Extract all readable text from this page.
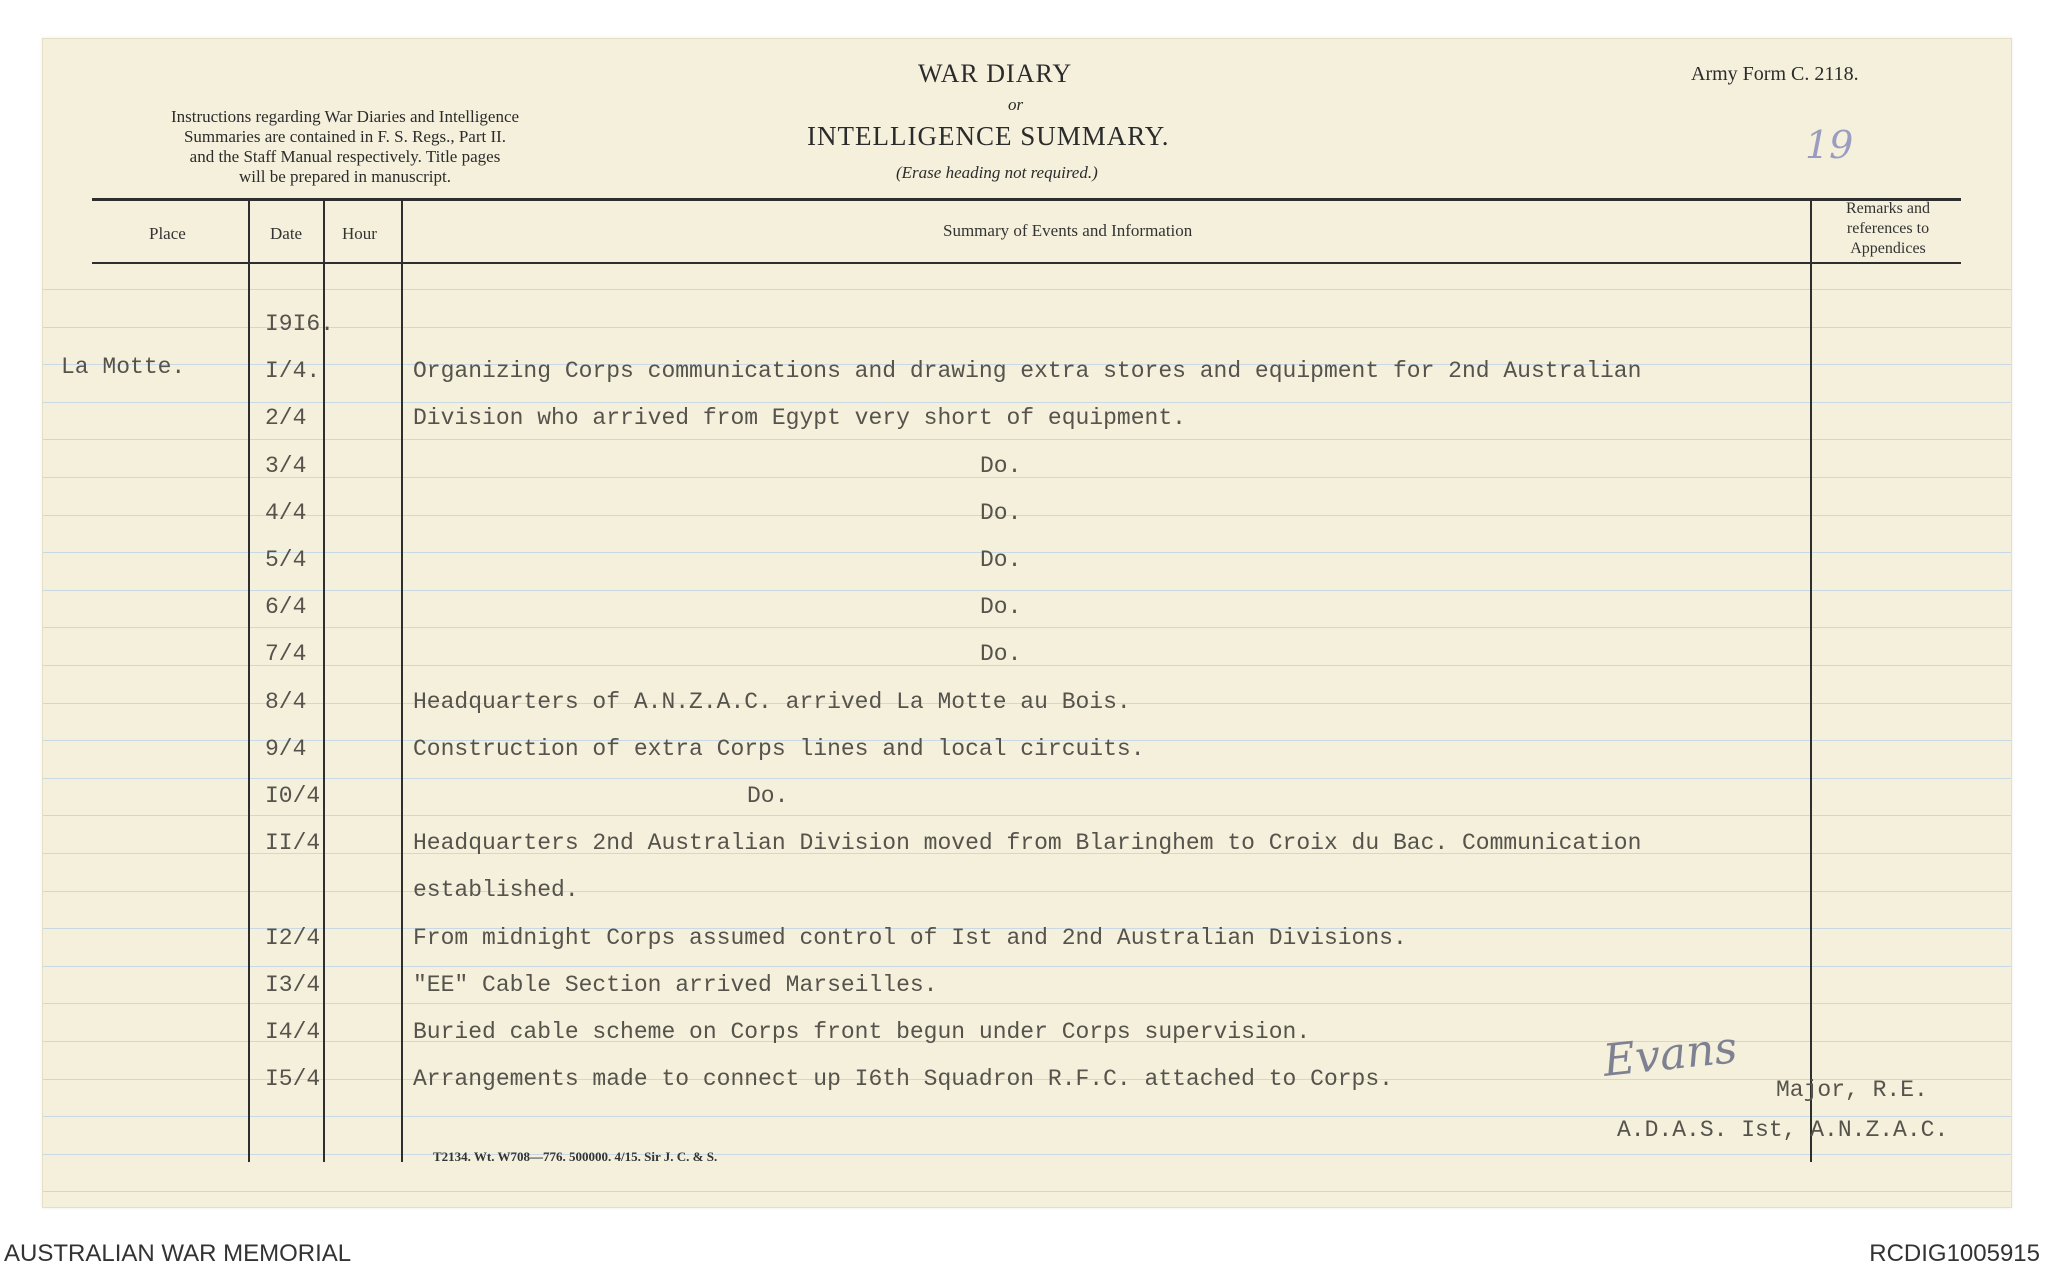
Instructions regarding War Diaries and Intelligence
Summaries are contained in F. S. Regs., Part II.
and the Staff Manual respectively. Title pages
will be prepared in manuscript.
WAR DIARY
or
INTELLIGENCE SUMMARY.
(Erase heading not required.)
Army Form C. 2118.
19
Place	Date Hour	Summary of Events and Information
Remarks and
references to
Appendices
I9I6.
La Motte.	I/4.	Organizing Corps communications and drawing extra stores and equipment for 2nd Australian
2/4	Division who arrived from Egypt very short of equipment.
3/4	Do.
4/4	Do.
5/4	Do.
6/4	Do.
7/4	Do.
8/4	Headquarters of A.N.Z.A.C. arrived La Motte au Bois.
9/4	Construction of extra Corps lines and local circuits.
I0/4	Do.
II/4	Headquarters 2nd Australian Division moved from Blaringhem to Croix du Bac. Communication
established.
I2/4	From midnight Corps assumed control of Ist and 2nd Australian Divisions.
I3/4	"EE" Cable Section arrived Marseilles.
I4/4	Buried cable scheme on Corps front begun under Corps supervision.
I5/4	Arrangements made to connect up I6th Squadron R.F.C. attached to Corps.	Evans
Major, R.E.
A.D.A.S. Ist, A.N.Z.A.C.
T2134. Wt. W708—776. 500000. 4/15. Sir J. C. & S.
AUSTRALIAN WAR MEMORIAL	RCDIG1005915
